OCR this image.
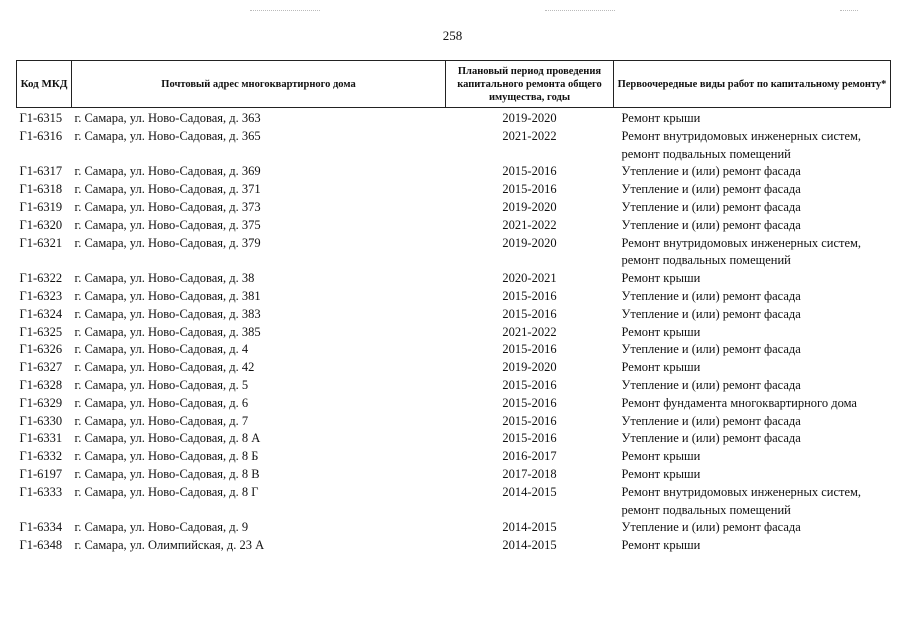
258
Код МКД	Почтовый адрес многоквартирного дома	Плановый период проведения капитального ремонта общего имущества, годы	Первоочередные виды работ по капитальному ремонту*
Г1-6315	г. Самара, ул. Ново-Садовая, д. 363	2019-2020	Ремонт крыши

Г1-6316	г. Самара, ул. Ново-Садовая, д. 365	2021-2022	Ремонт внутридомовых инженерных систем,
ремонт подвальных помещений

Г1-6317	г. Самара, ул. Ново-Садовая, д. 369	2015-2016	Утепление и (или) ремонт фасада

Г1-6318	г. Самара, ул. Ново-Садовая, д. 371	2015-2016	Утепление и (или) ремонт фасада

Г1-6319	г. Самара, ул. Ново-Садовая, д. 373	2019-2020	Утепление и (или) ремонт фасада

Г1-6320	г. Самара, ул. Ново-Садовая, д. 375	2021-2022	Утепление и (или) ремонт фасада

Г1-6321	г. Самара, ул. Ново-Садовая, д. 379	2019-2020	Ремонт внутридомовых инженерных систем,
ремонт подвальных помещений

Г1-6322	г. Самара, ул. Ново-Садовая, д. 38	2020-2021	Ремонт крыши

Г1-6323	г. Самара, ул. Ново-Садовая, д. 381	2015-2016	Утепление и (или) ремонт фасада

Г1-6324	г. Самара, ул. Ново-Садовая, д. 383	2015-2016	Утепление и (или) ремонт фасада

Г1-6325	г. Самара, ул. Ново-Садовая, д. 385	2021-2022	Ремонт крыши

Г1-6326	г. Самара, ул. Ново-Садовая, д. 4	2015-2016	Утепление и (или) ремонт фасада

Г1-6327	г. Самара, ул. Ново-Садовая, д. 42	2019-2020	Ремонт крыши

Г1-6328	г. Самара, ул. Ново-Садовая, д. 5	2015-2016	Утепление и (или) ремонт фасада

Г1-6329	г. Самара, ул. Ново-Садовая, д. 6	2015-2016	Ремонт фундамента многоквартирного дома

Г1-6330	г. Самара, ул. Ново-Садовая, д. 7	2015-2016	Утепление и (или) ремонт фасада

Г1-6331	г. Самара, ул. Ново-Садовая, д. 8 А	2015-2016	Утепление и (или) ремонт фасада

Г1-6332	г. Самара, ул. Ново-Садовая, д. 8 Б	2016-2017	Ремонт крыши

Г1-6197	г. Самара, ул. Ново-Садовая, д. 8 В	2017-2018	Ремонт крыши

Г1-6333	г. Самара, ул. Ново-Садовая, д. 8 Г	2014-2015	Ремонт внутридомовых инженерных систем,
ремонт подвальных помещений

Г1-6334	г. Самара, ул. Ново-Садовая, д. 9	2014-2015	Утепление и (или) ремонт фасада

Г1-6348	г. Самара, ул. Олимпийская, д. 23 А	2014-2015	Ремонт крыши
